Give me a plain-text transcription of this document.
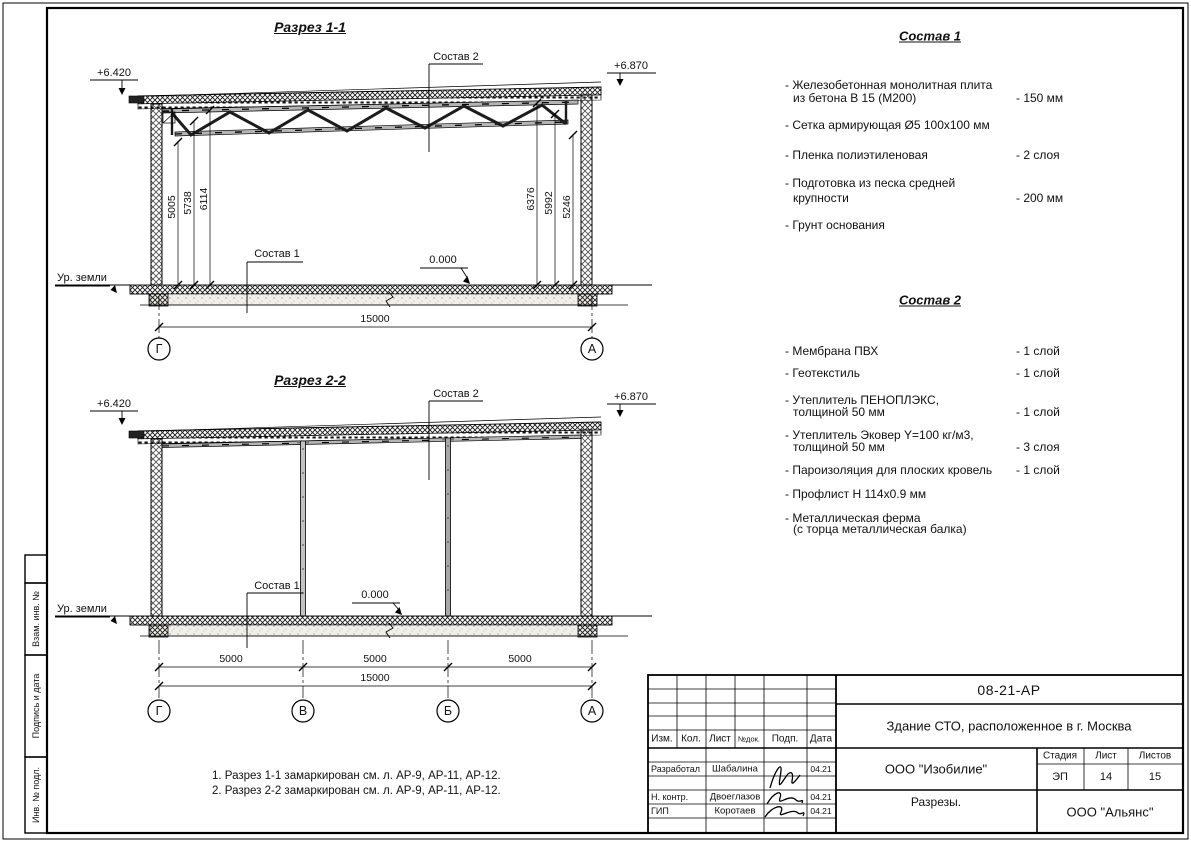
Разрез 1-1
+6.420
+6.870
Состав 2
Состав 1	0.000
Ур. земли
5005 5738 6114	6376 5992 5246
15000
Г	А
Разрез 2-2
+6.420
+6.870
Состав 2
Состав 1
0.000
Ур. земли
5000	5000	5000
15000
Г	В	Б	А
Состав 1
- Железобетонная монолитная плита
из бетона В 15 (М200)	- 150 мм
- Сетка армирующая Ø5 100х100 мм
- Пленка полиэтиленовая	- 2 слоя
- Подготовка из песка средней
крупности	- 200 мм
- Грунт основания
Состав 2
- Мембрана ПВХ	- 1 слой
- Геотекстиль	- 1 слой
- Утеплитель ПЕНОПЛЭКС,
толщиной 50 мм	- 1 слой
- Утеплитель Эковер Y=100 кг/м3,
толщиной 50 мм	- 3 слоя
- Пароизоляция для плоских кровель - 1 слой
- Профлист Н 114х0.9 мм
- Металлическая ферма
(с торца металлическая балка)
1. Разрез 1-1 замаркирован см. л. АР-9, АР-11, АР-12.
2. Разрез 2-2 замаркирован см. л. АР-9, АР-11, АР-12.
Взам. инв. №
Подпись и дата
Инв. № подл.
08-21-АР
Здание СТО, расположенное в г. Москва
ООО "Изобилие"
Разрезы.
ООО "Альянс"
Стадия Лист Листов
ЭП	14	15
Изм. Кол. Лист №док. Подп. Дата
Разработал Шабалина	04.21
Н. контр. Двоеглазов	04.21
ГИП	Коротаев	04.21
